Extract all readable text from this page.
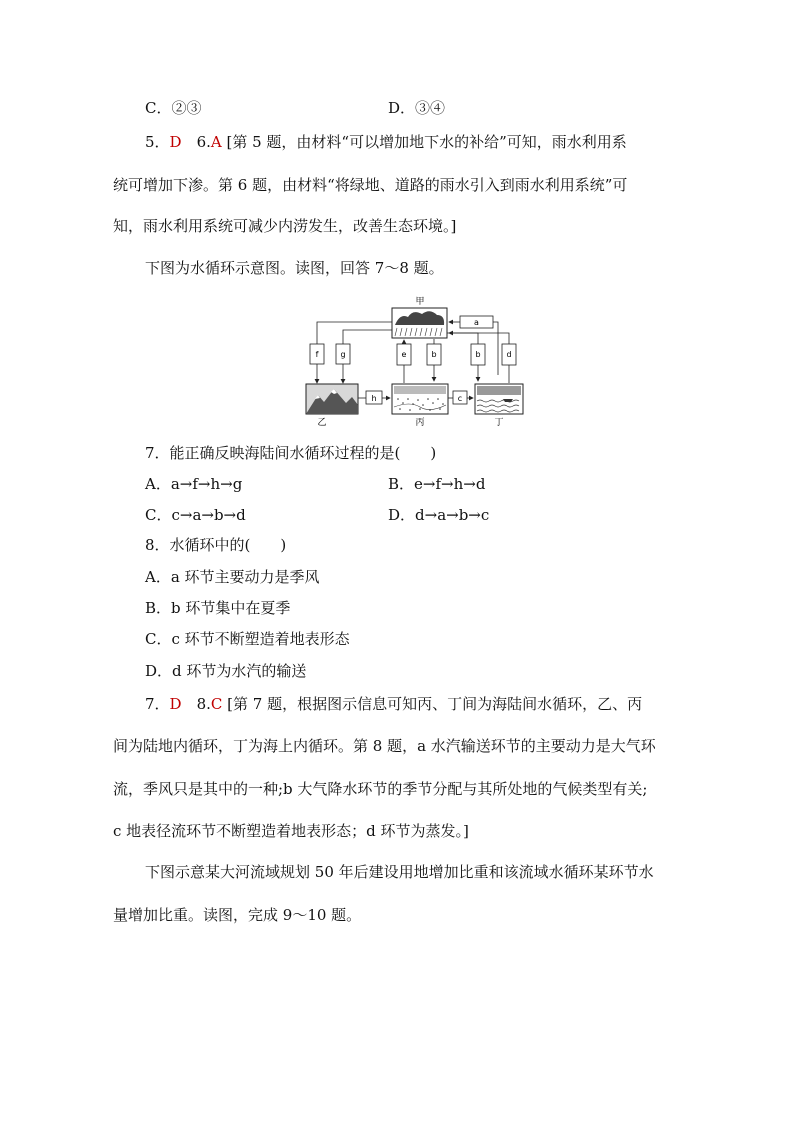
C．②③	D．③④
5．D　6.A [第 5 题，由材料“可以增加地下水的补给”可知，雨水利用系
统可增加下渗。第 6 题，由材料“将绿地、道路的雨水引入到雨水利用系统”可
知，雨水利用系统可减少内涝发生，改善生态环境。]
下图为水循环示意图。读图，回答 7～8 题。
7．能正确反映海陆间水循环过程的是(　　)
A．a→f→h→g	B．e→f→h→d
C．c→a→b→d	D．d→a→b→c
8．水循环中的(　　)
A．a 环节主要动力是季风
B．b 环节集中在夏季
C．c 环节不断塑造着地表形态
D．d 环节为水汽的输送
7．D　8.C [第 7 题，根据图示信息可知丙、丁间为海陆间水循环，乙、丙
间为陆地内循环，丁为海上内循环。第 8 题，a 水汽输送环节的主要动力是大气环
流，季风只是其中的一种;b 大气降水环节的季节分配与其所处地的气候类型有关;
c 地表径流环节不断塑造着地表形态；d 环节为蒸发。]
下图示意某大河流域规划 50 年后建设用地增加比重和该流域水循环某环节水
量增加比重。读图，完成 9～10 题。
甲
a
f	g	e	b	b	d
乙
h
丙
c
丁
